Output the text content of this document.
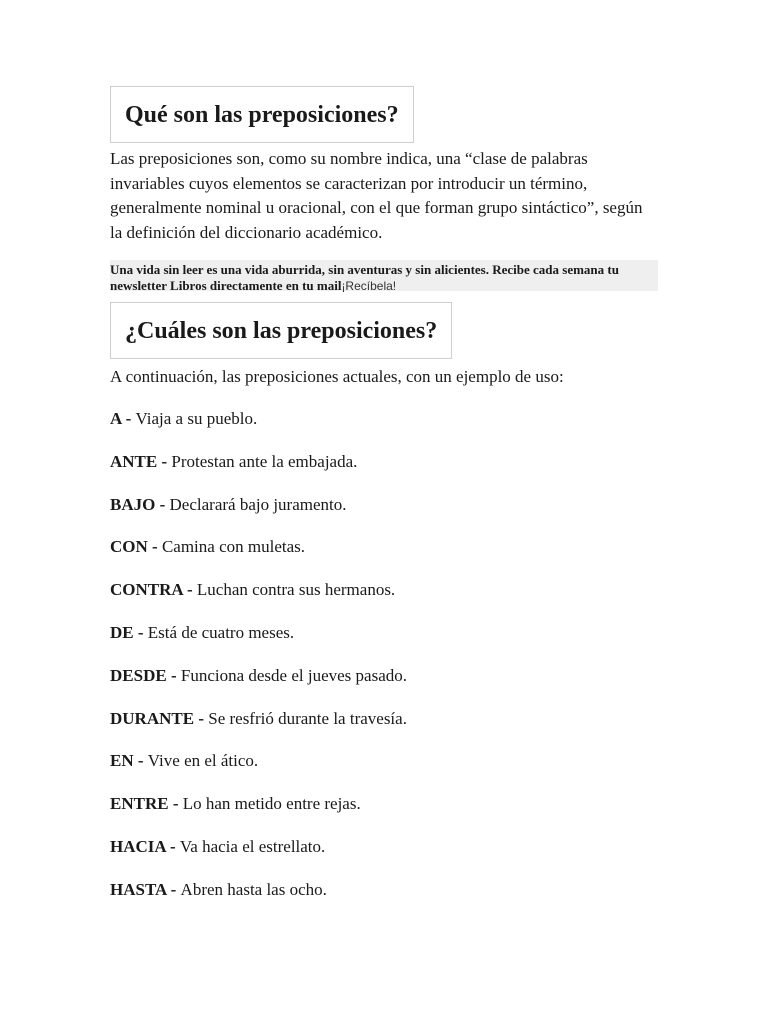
Qué son las preposiciones?

Las preposiciones son, como su nombre indica, una “clase de palabras invariables cuyos elementos se caracterizan por introducir un término, generalmente nominal u oracional, con el que forman grupo sintáctico”, según la definición del diccionario académico.

Una vida sin leer es una vida aburrida, sin aventuras y sin alicientes. Recibe cada semana tu newsletter Libros directamente en tu mail¡Recíbela!
¿Cuáles son las preposiciones?

A continuación, las preposiciones actuales, con un ejemplo de uso:

A - Viaja a su pueblo.
ANTE - Protestan ante la embajada.
BAJO - Declarará bajo juramento.
CON - Camina con muletas.
CONTRA - Luchan contra sus hermanos.
DE - Está de cuatro meses.
DESDE - Funciona desde el jueves pasado.
DURANTE - Se resfrió durante la travesía.
EN - Vive en el ático.
ENTRE - Lo han metido entre rejas.
HACIA - Va hacia el estrellato.
HASTA - Abren hasta las ocho.
